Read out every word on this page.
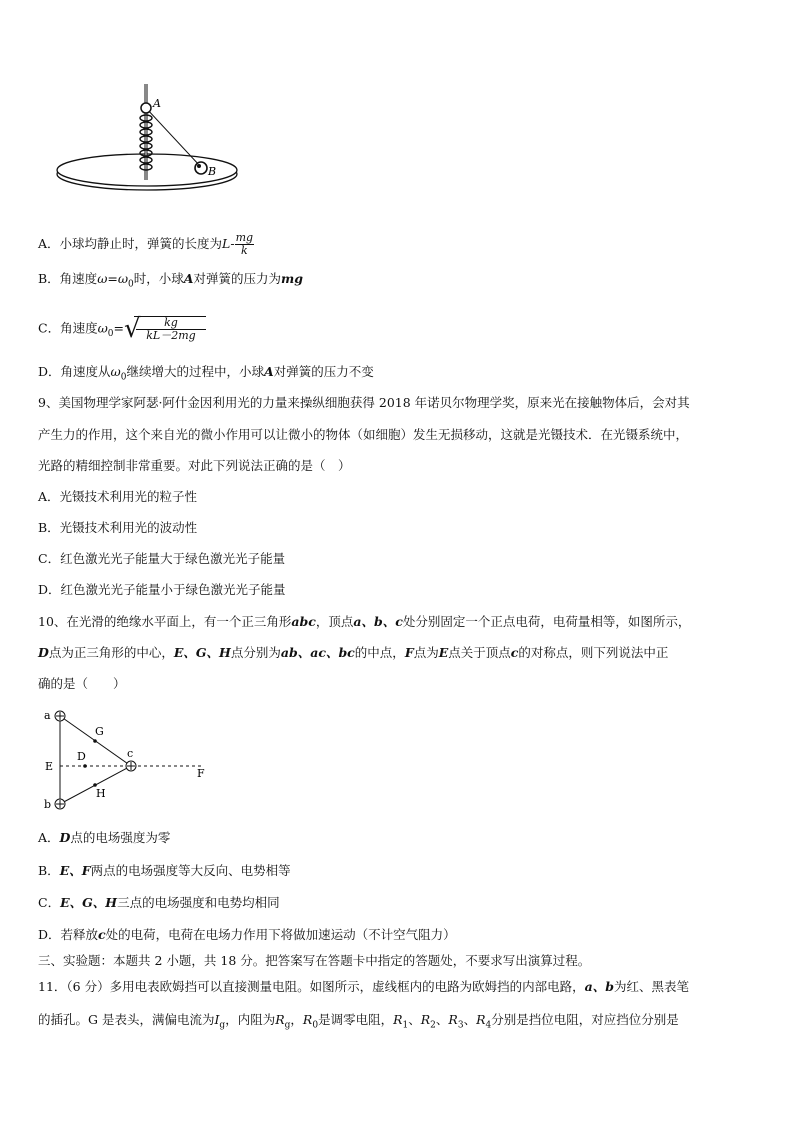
A
B
A．小球均静止时，弹簧的长度为$L- \frac{mg}{k}$
B．角速度$\omega=\omega_0$时，小球A对弹簧的压力为mg
C．角速度$\omega_0=$ √
$\frac{kg}{kL-2mg}$
D．角速度从$\omega_0$继续增大的过程中，小球A对弹簧的压力不变
9、美国物理学家阿瑟·阿什金因利用光的力量来操纵细胞获得 2018 年诺贝尔物理学奖，原来光在接触物体后，会对其
产生力的作用，这个来自光的微小作用可以让微小的物体（如细胞）发生无损移动，这就是光镊技术．在光镊系统中，
光路的精细控制非常重要。对此下列说法正确的是（　）
A．光镊技术利用光的粒子性
B．光镊技术利用光的波动性
C．红色激光光子能量大于绿色激光光子能量
D．红色激光光子能量小于绿色激光光子能量
10、在光滑的绝缘水平面上，有一个正三角形abc，顶点a、b、c处分别固定一个正点电荷，电荷量相等，如图所示，
D点为正三角形的中心，E、G、H点分别为ab、ac、bc的中点，F点为E点关于顶点c的对称点，则下列说法中正
确的是（　　）
a
b
c
D
E
F
G
H
A．D点的电场强度为零
B．E、F两点的电场强度等大反向、电势相等
C．E、G、H三点的电场强度和电势均相同
D．若释放c处的电荷，电荷在电场力作用下将做加速运动（不计空气阻力）
三、实验题：本题共 2 小题，共 18 分。把答案写在答题卡中指定的答题处，不要求写出演算过程。
11．（6 分）多用电表欧姆挡可以直接测量电阻。如图所示，虚线框内的电路为欧姆挡的内部电路，a、b为红、黑表笔
的插孔。G 是表头，满偏电流为$I_g$，内阻为$R_g$，$R_0$是调零电阻，$R_1$、$R_2$、$R_3$、$R_4$分别是挡位电阻，对应挡位分别是
